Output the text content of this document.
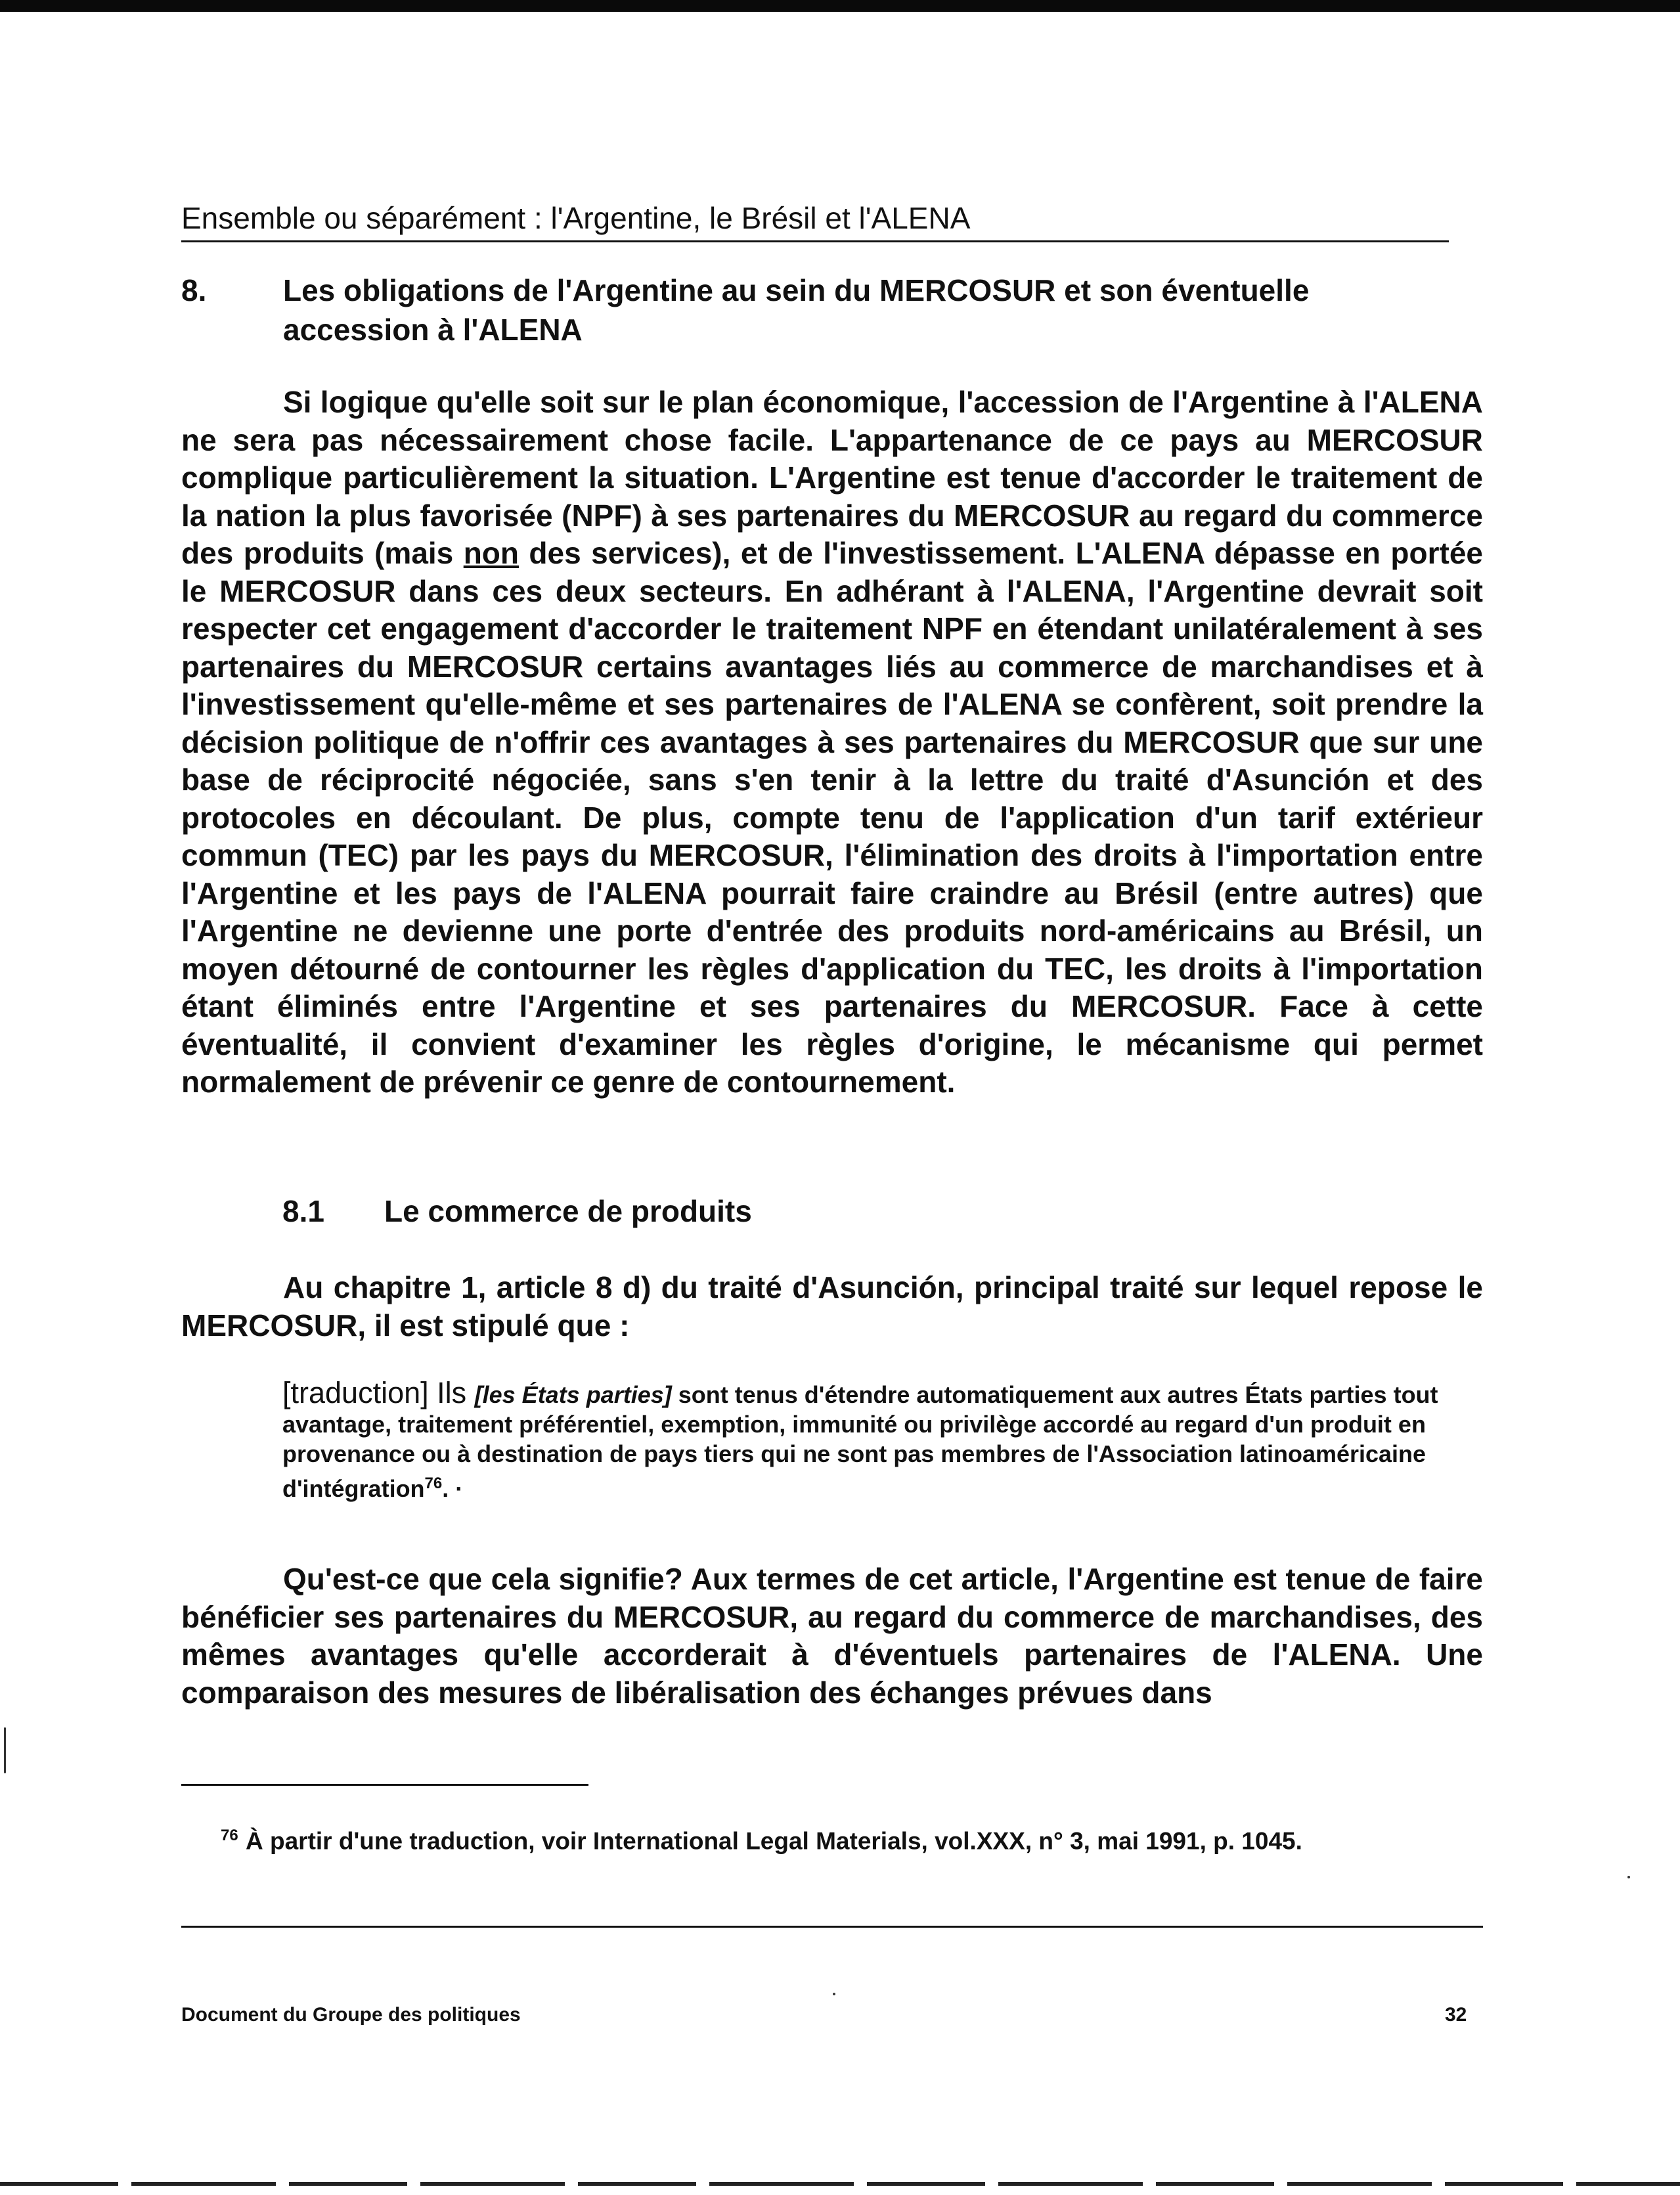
Ensemble ou séparément : l'Argentine, le Brésil et l'ALENA
8.	Les obligations de l'Argentine au sein du MERCOSUR et son éventuelle accession à l'ALENA

Si logique qu'elle soit sur le plan économique, l'accession de l'Argentine à l'ALENA ne sera pas nécessairement chose facile. L'appartenance de ce pays au MERCOSUR complique particulièrement la situation. L'Argentine est tenue d'accorder le traitement de la nation la plus favorisée (NPF) à ses partenaires du MERCOSUR au regard du commerce des produits (mais non des services), et de l'investissement. L'ALENA dépasse en portée le MERCOSUR dans ces deux secteurs. En adhérant à l'ALENA, l'Argentine devrait soit respecter cet engagement d'accorder le traitement NPF en étendant unilatéralement à ses partenaires du MERCOSUR certains avantages liés au commerce de marchandises et à l'investissement qu'elle-même et ses partenaires de l'ALENA se confèrent, soit prendre la décision politique de n'offrir ces avantages à ses partenaires du MERCOSUR que sur une base de réciprocité négociée, sans s'en tenir à la lettre du traité d'Asunción et des protocoles en découlant. De plus, compte tenu de l'application d'un tarif extérieur commun (TEC) par les pays du MERCOSUR, l'élimination des droits à l'importation entre l'Argentine et les pays de l'ALENA pourrait faire craindre au Brésil (entre autres) que l'Argentine ne devienne une porte d'entrée des produits nord-américains au Brésil, un moyen détourné de contourner les règles d'application du TEC, les droits à l'importation étant éliminés entre l'Argentine et ses partenaires du MERCOSUR. Face à cette éventualité, il convient d'examiner les règles d'origine, le mécanisme qui permet normalement de prévenir ce genre de contournement.

8.1 Le commerce de produits

Au chapitre 1, article 8 d) du traité d'Asunción, principal traité sur lequel repose le MERCOSUR, il est stipulé que :

[traduction] Ils [les États parties] sont tenus d'étendre automatiquement aux autres États parties tout avantage, traitement préférentiel, exemption, immunité ou privilège accordé au regard d'un produit en provenance ou à destination de pays tiers qui ne sont pas membres de l'Association latinoaméricaine d'intégration$^{76}$. ·

Qu'est-ce que cela signifie? Aux termes de cet article, l'Argentine est tenue de faire bénéficier ses partenaires du MERCOSUR, au regard du commerce de marchandises, des mêmes avantages qu'elle accorderait à d'éventuels partenaires de l'ALENA. Une comparaison des mesures de libéralisation des échanges prévues dans

76 À partir d'une traduction, voir International Legal Materials, vol.XXX, n° 3, mai 1991, p. 1045.

Document du Groupe des politiques	32
